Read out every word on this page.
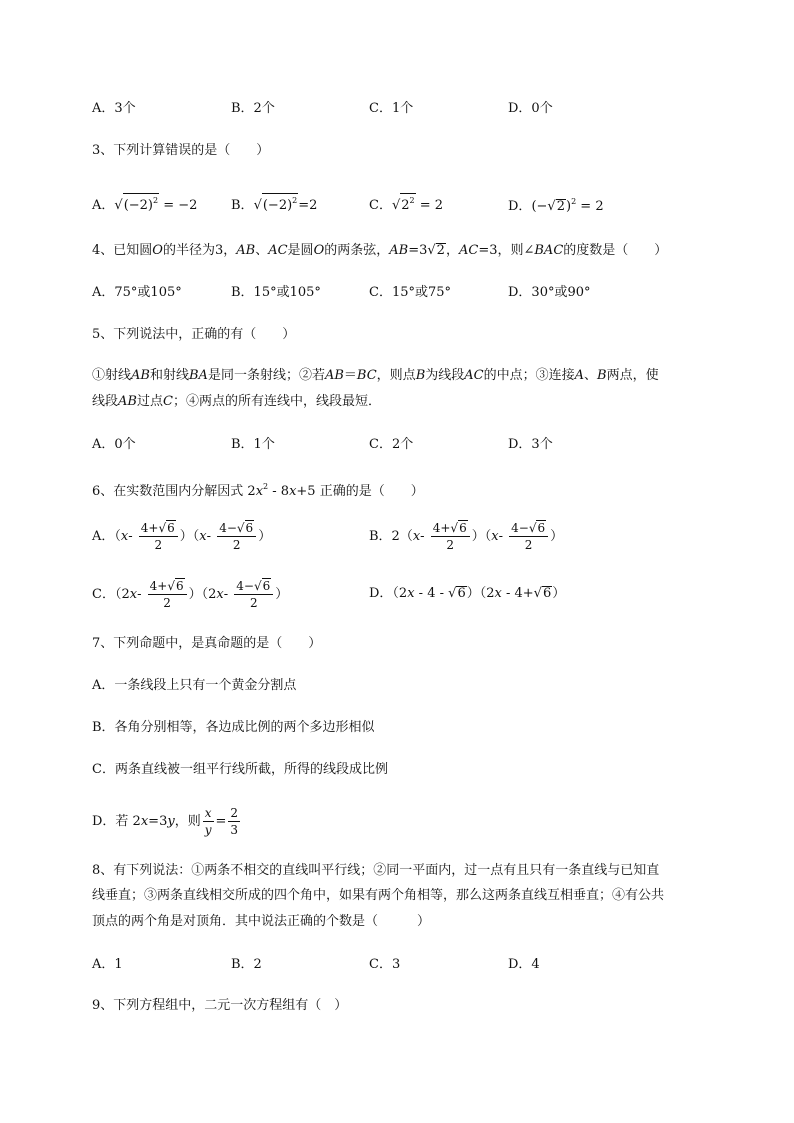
A．3个	B．2个	C．1个	D．0个
3、下列计算错误的是（　　）
A．$√(-2)^2 = -2$	B．$√(-2)^2=2$	C．$√2^2 = 2$	D．$(-√2)^2 = 2$
4、已知圆O的半径为3，AB、AC是圆O的两条弦，AB=3√2，AC=3，则∠BAC的度数是（　　）
A．75°或105°	B．15°或105°	C．15°或75°	D．30°或90°
5、下列说法中，正确的有（　　）
①射线AB和射线BA是同一条射线；②若AB＝BC，则点B为线段AC的中点；③连接A、B两点，使
线段AB过点C；④两点的所有连线中，线段最短．
A．0个	B．1个	C．2个	D．3个
6、在实数范围内分解因式 $2x^2 - 8x+5$ 正确的是（　　）
A．$(x- \frac{4+√6}{2} )(x- \frac{4-√6}{2}$ ）	B．$2(x- \frac{4+√6}{2} )(x- \frac{4-√6}{2}$ ）
C．$(2x- \frac{4+√6}{2} )(2x- \frac{4-√6}{2}$ ）	D．（2x - 4 - √6）（2x - 4+√6）
7、下列命题中，是真命题的是（　　）
A．一条线段上只有一个黄金分割点
B．各角分别相等，各边成比例的两个多边形相似
C．两条直线被一组平行线所截，所得的线段成比例
D．若 2x=3y，则 $\frac{x}{y} = \frac{2}{3}$
8、有下列说法：①两条不相交的直线叫平行线；②同一平面内，过一点有且只有一条直线与已知直
线垂直；③两条直线相交所成的四个角中，如果有两个角相等，那么这两条直线互相垂直；④有公共
顶点的两个角是对顶角．其中说法正确的个数是（　　　）
A．1	B．2	C．3	D．4
9、下列方程组中，二元一次方程组有（　）
